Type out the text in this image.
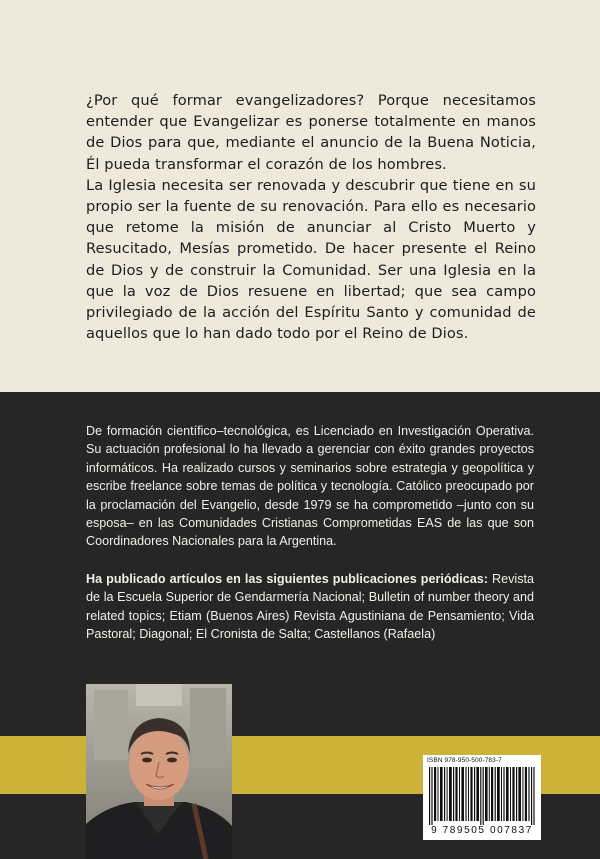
¿Por qué formar evangelizadores? Porque necesitamos entender que Evangelizar es ponerse totalmente en manos de Dios para que, mediante el anuncio de la Buena Noticia, Él pueda transformar el corazón de los hombres.

La Iglesia necesita ser renovada y descubrir que tiene en su propio ser la fuente de su renovación. Para ello es necesario que retome la misión de anunciar al Cristo Muerto y Resucitado, Mesías prometido. De hacer presente el Reino de Dios y de construir la Comunidad. Ser una Iglesia en la que la voz de Dios resuene en libertad; que sea campo privilegiado de la acción del Espíritu Santo y comunidad de aquellos que lo han dado todo por el Reino de Dios.

De formación científico–tecnológica, es Licenciado en Investigación Operativa. Su actuación profesional lo ha llevado a gerenciar con éxito grandes proyectos informáticos. Ha realizado cursos y seminarios sobre estrategia y geopolítica y escribe freelance sobre temas de política y tecnología. Católico preocupado por la proclamación del Evangelio, desde 1979 se ha comprometido –junto con su esposa– en las Comunidades Cristianas Comprometidas EAS de las que son Coordinadores Nacionales para la Argentina.

Ha publicado artículos en las siguientes publicaciones periódicas: Revista de la Escuela Superior de Gendarmería Nacional; Bulletin of number theory and related topics; Etiam (Buenos Aires) Revista Agustiniana de Pensamiento; Vida Pastoral; Diagonal; El Cronista de Salta; Castellanos (Rafaela)

ISBN 978-950-500-783-7
9 789505 007837
